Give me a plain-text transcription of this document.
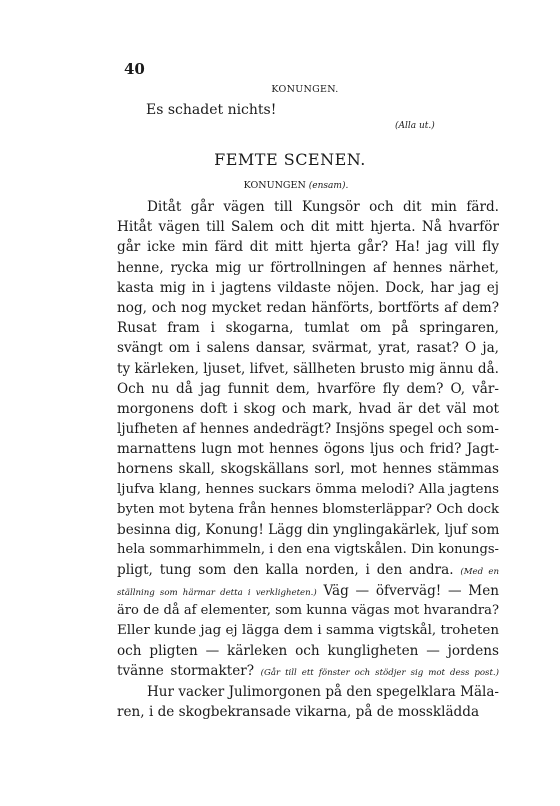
40
KONUNGEN.
Es schadet nichts!
(Alla ut.)
FEMTE SCENEN.
KONUNGEN (ensam).
Ditåt går vägen till Kungsör och dit min färd.
Hitåt vägen till Salem och dit mitt hjerta. Nå hvarför
går icke min färd dit mitt hjerta går? Ha! jag vill fly
henne, rycka mig ur förtrollningen af hennes närhet,
kasta mig in i jagtens vildaste nöjen. Dock, har jag ej
nog, och nog mycket redan hänförts, bortförts af dem?
Rusat fram i skogarna, tumlat om på springaren,
svängt om i salens dansar, svärmat, yrat, rasat? O ja,
ty kärleken, ljuset, lifvet, sällheten brusto mig ännu då.
Och nu då jag funnit dem, hvarföre fly dem? O, vår-
morgonens doft i skog och mark, hvad är det väl mot
ljufheten af hennes andedrägt? Insjöns spegel och som-
marnattens lugn mot hennes ögons ljus och frid? Jagt-
hornens skall, skogskällans sorl, mot hennes stämmas
ljufva klang, hennes suckars ömma melodi? Alla jagtens
byten mot bytena från hennes blomsterläppar? Och dock
besinna dig, Konung! Lägg din ynglingakärlek, ljuf som
hela sommarhimmeln, i den ena vigtskålen. Din konungs-
pligt, tung som den kalla norden, i den andra. (Med en
ställning som härmar detta i verkligheten.) Väg — öfverväg! — Men
äro de då af elementer, som kunna vägas mot hvarandra?
Eller kunde jag ej lägga dem i samma vigtskål, troheten
och pligten — kärleken och kungligheten — jordens
tvänne stormakter? (Går till ett fönster och stödjer sig mot dess post.)
Hur vacker Julimorgonen på den spegelklara Mäla-
ren, i de skogbekransade vikarna, på de mossklädda
